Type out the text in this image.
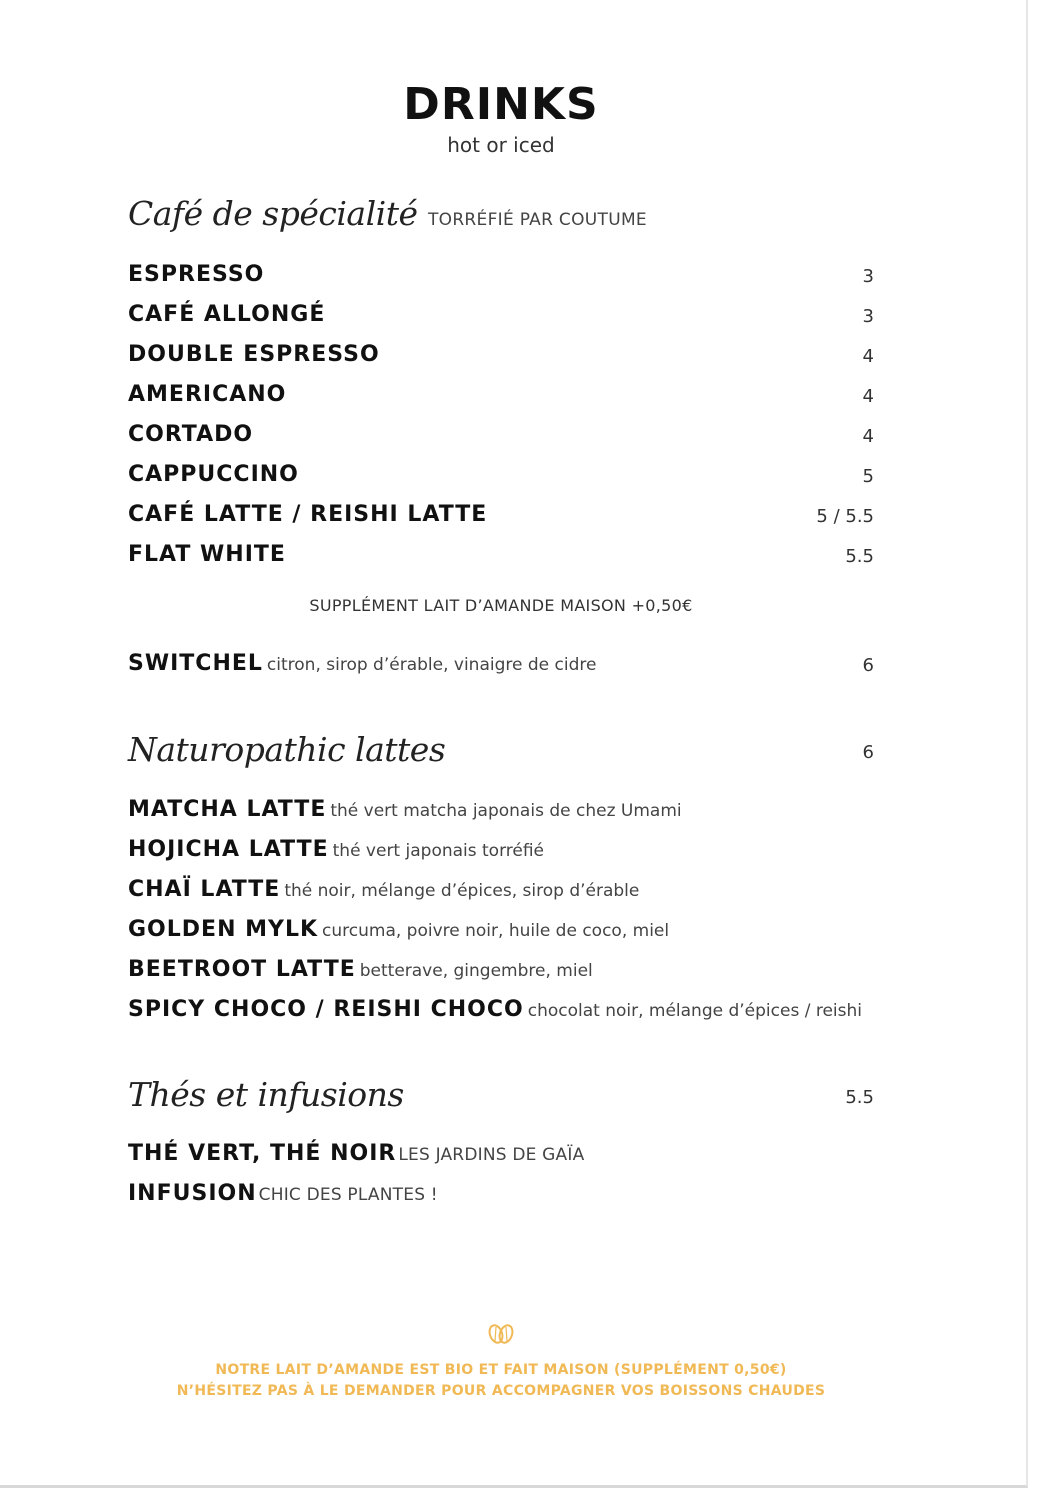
DRINKS
hot or iced
Café de spécialité TORRÉFIÉ PAR COUTUME
ESPRESSO	3
CAFÉ ALLONGÉ	3
DOUBLE ESPRESSO	4
AMERICANO	4
CORTADO	4
CAPPUCCINO	5
CAFÉ LATTE / REISHI LATTE	5 / 5.5
FLAT WHITE	5.5
SUPPLÉMENT LAIT D’AMANDE MAISON +0,50€
SWITCHEL citron, sirop d’érable, vinaigre de cidre	6
Naturopathic lattes	6
MATCHA LATTE thé vert matcha japonais de chez Umami
HOJICHA LATTE thé vert japonais torréfié
CHAÏ LATTE thé noir, mélange d’épices, sirop d’érable
GOLDEN MYLK curcuma, poivre noir, huile de coco, miel
BEETROOT LATTE betterave, gingembre, miel
SPICY CHOCO / REISHI CHOCO chocolat noir, mélange d’épices / reishi
Thés et infusions	5.5
THÉ VERT, THÉ NOIR LES JARDINS DE GAÏA
INFUSION CHIC DES PLANTES !
NOTRE LAIT D’AMANDE EST BIO ET FAIT MAISON (SUPPLÉMENT 0,50€)
N’HÉSITEZ PAS À LE DEMANDER POUR ACCOMPAGNER VOS BOISSONS CHAUDES
